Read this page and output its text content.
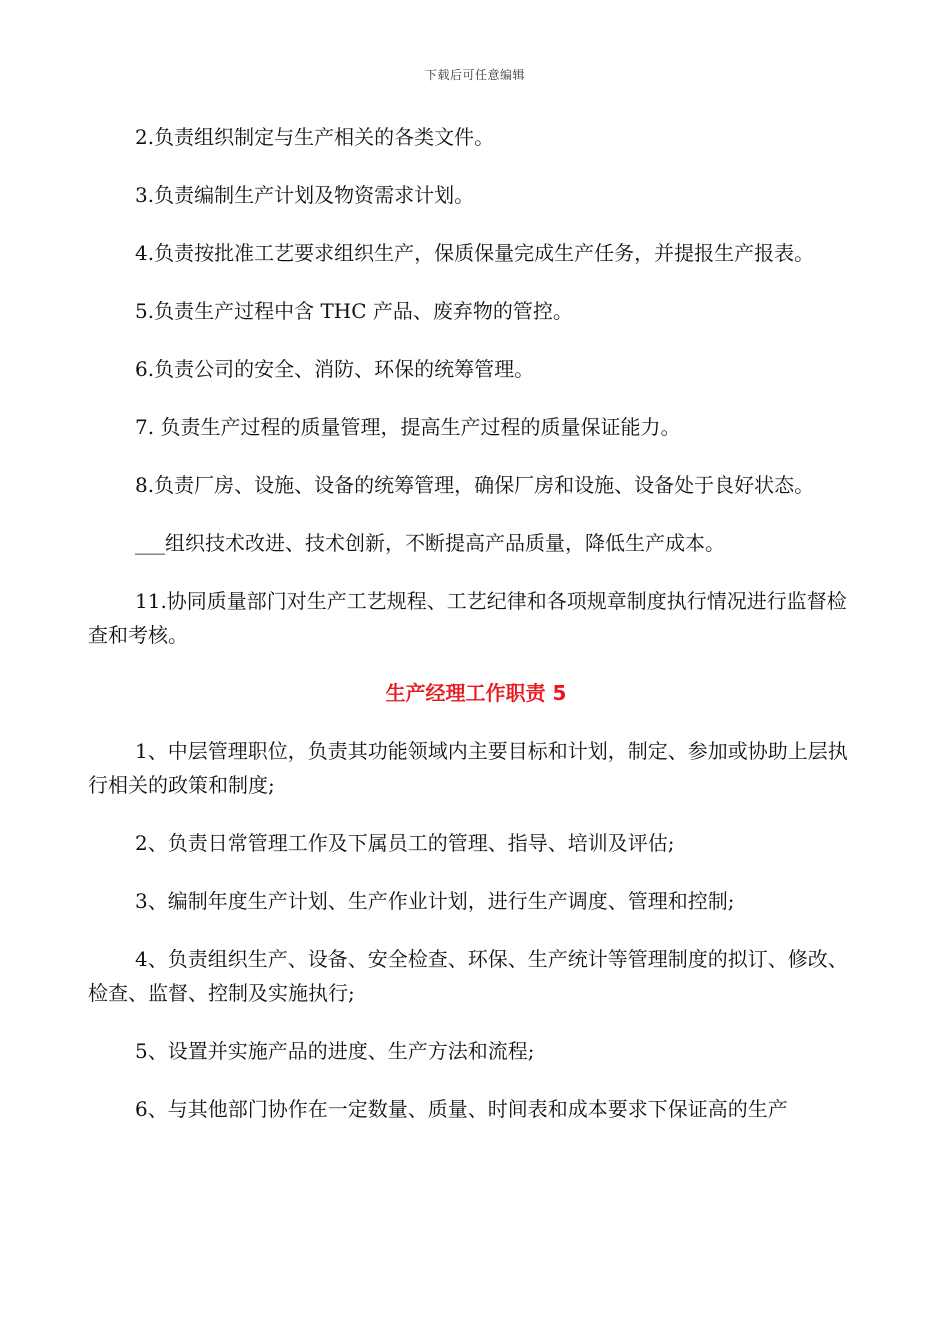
下载后可任意编辑

2.负责组织制定与生产相关的各类文件。

3.负责编制生产计划及物资需求计划。

4.负责按批准工艺要求组织生产，保质保量完成生产任务，并提报生产报表。

5.负责生产过程中含 THC 产品、废弃物的管控。

6.负责公司的安全、消防、环保的统筹管理。

7. 负责生产过程的质量管理，提高生产过程的质量保证能力。

8.负责厂房、设施、设备的统筹管理，确保厂房和设施、设备处于良好状态。

___组织技术改进、技术创新，不断提高产品质量，降低生产成本。

11.协同质量部门对生产工艺规程、工艺纪律和各项规章制度执行情况进行监督检查和考核。

生产经理工作职责 5

1、中层管理职位，负责其功能领域内主要目标和计划，制定、参加或协助上层执行相关的政策和制度;

2、负责日常管理工作及下属员工的管理、指导、培训及评估;

3、编制年度生产计划、生产作业计划，进行生产调度、管理和控制;

4、负责组织生产、设备、安全检查、环保、生产统计等管理制度的拟订、修改、检查、监督、控制及实施执行;

5、设置并实施产品的进度、生产方法和流程;

6、与其他部门协作在一定数量、质量、时间表和成本要求下保证高的生产
